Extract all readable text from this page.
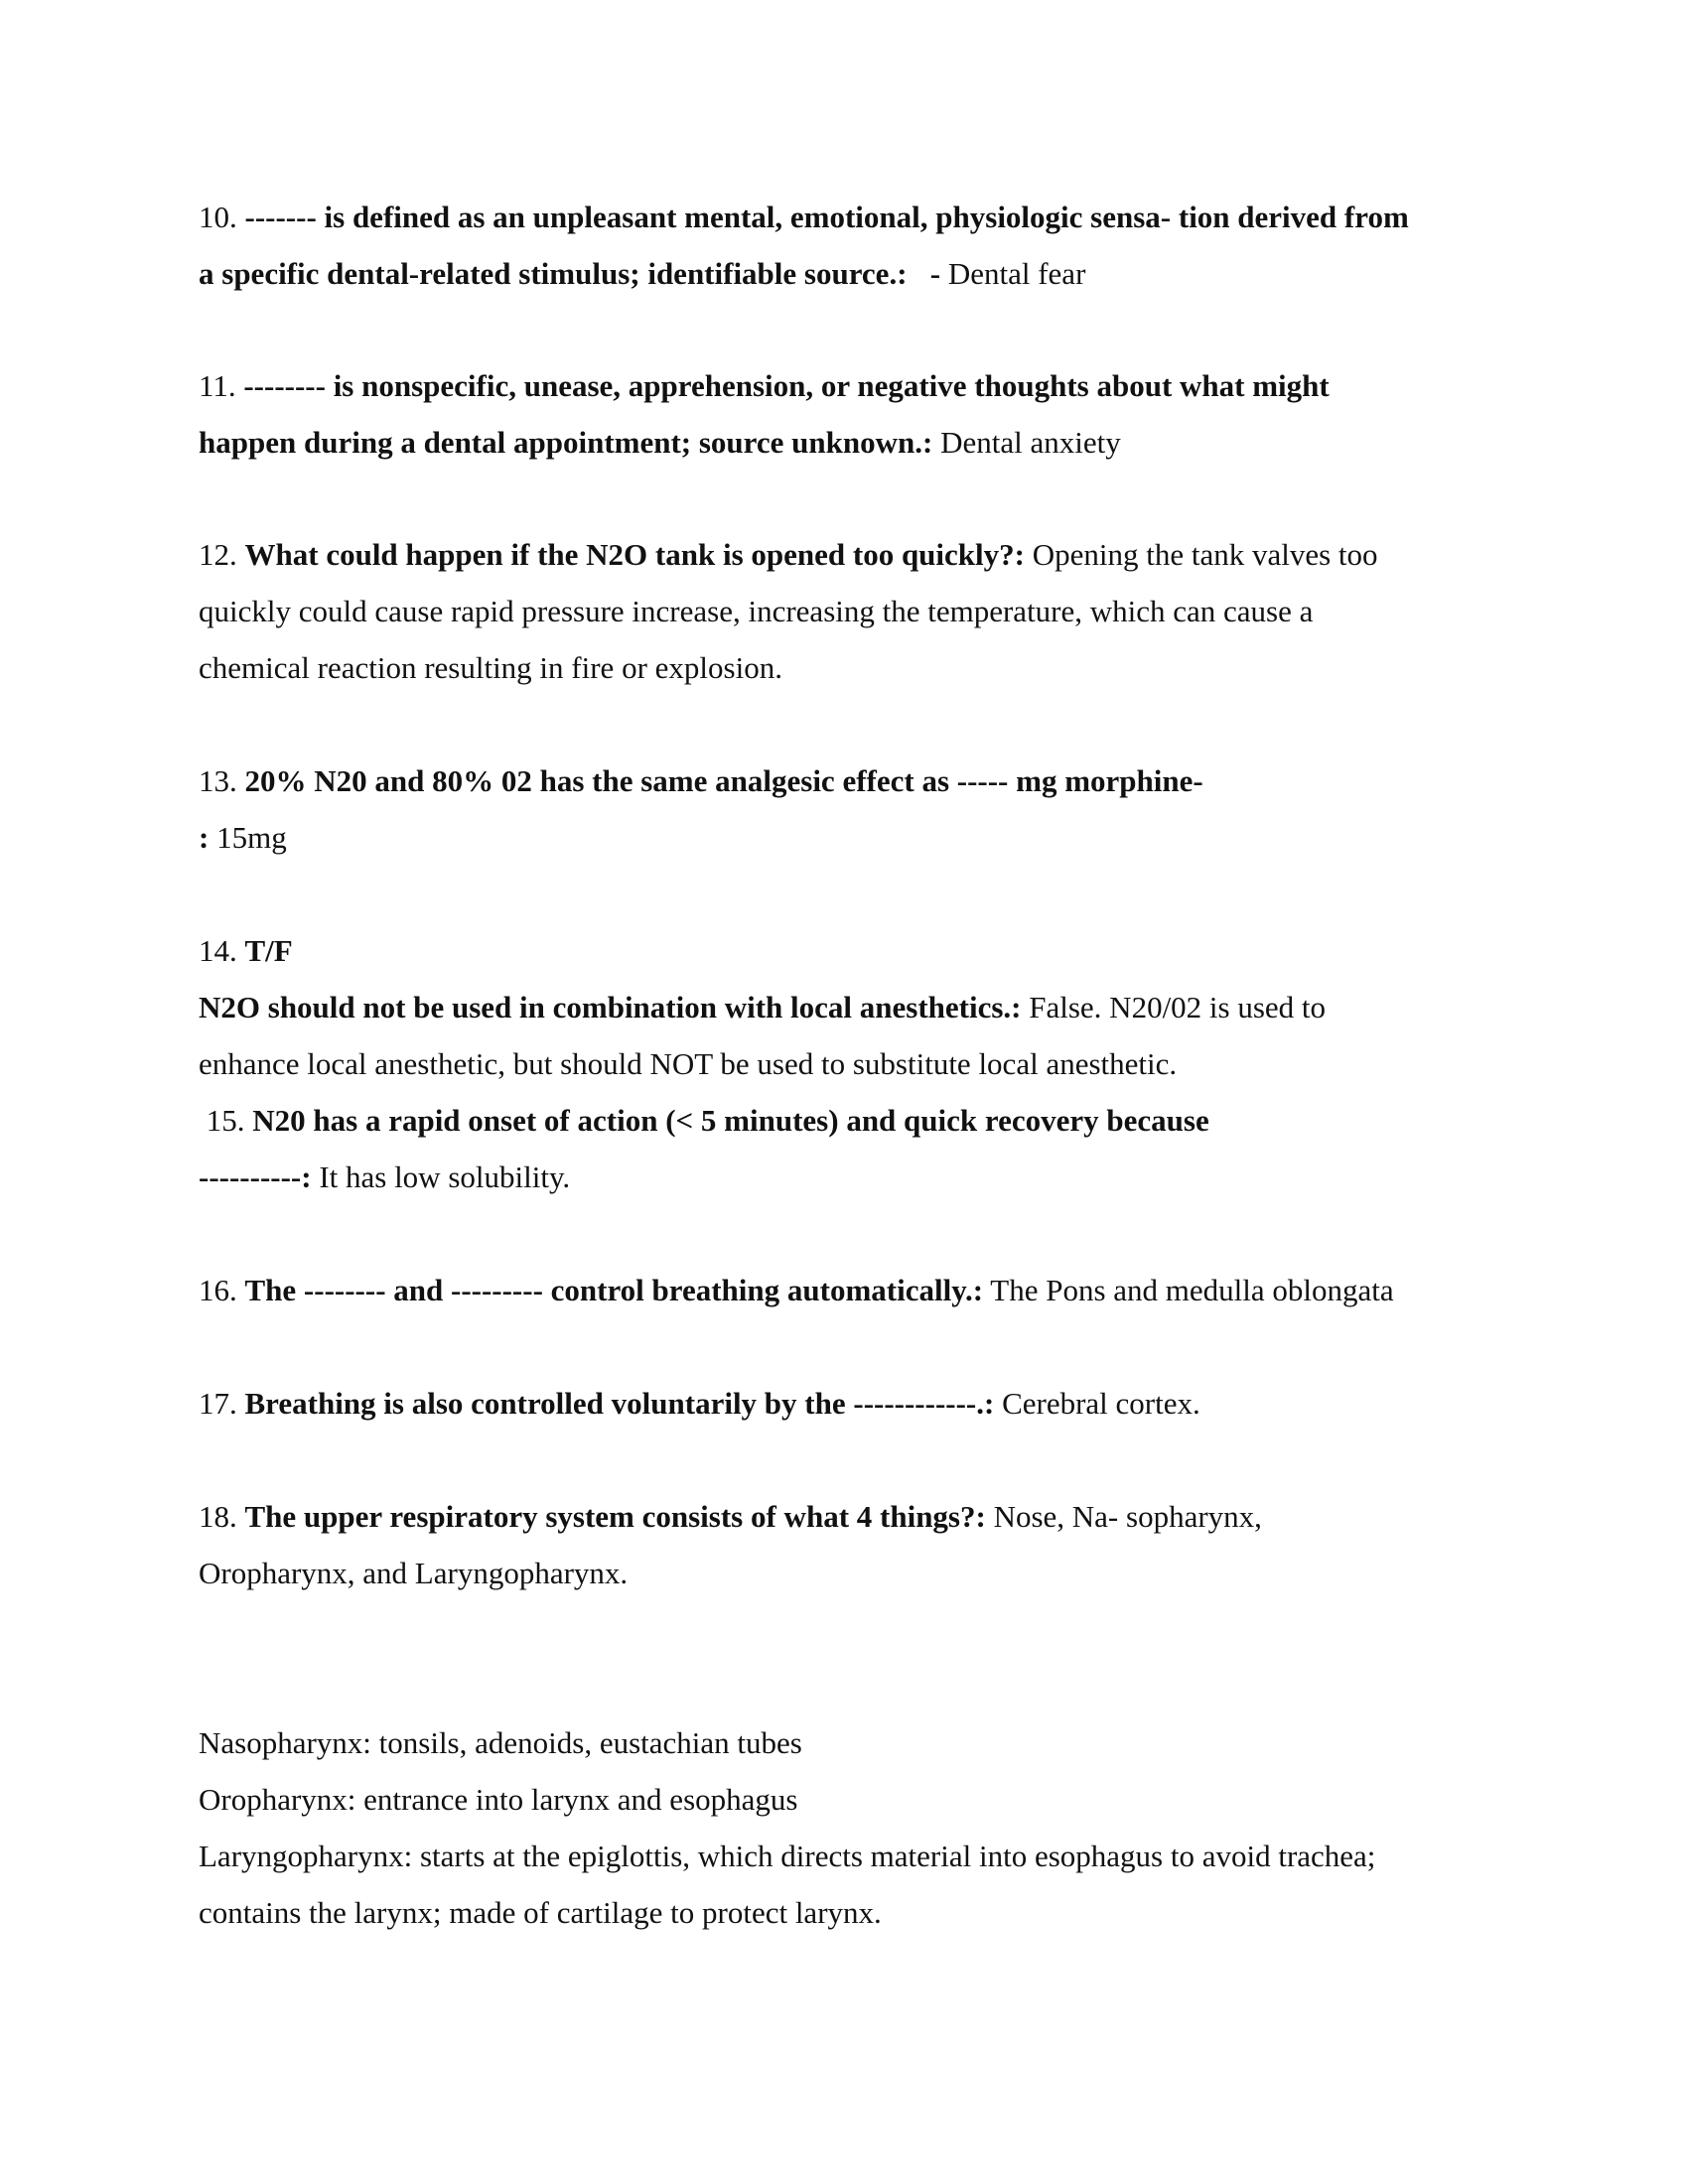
10. ------- is defined as an unpleasant mental, emotional, physiologic sensa- tion derived from
a specific dental-related stimulus; identifiable source.:   - Dental fear
11. -------- is nonspecific, unease, apprehension, or negative thoughts about what might
happen during a dental appointment; source unknown.: Dental anxiety
12. What could happen if the N2O tank is opened too quickly?: Opening the tank valves too
quickly could cause rapid pressure increase, increasing the temperature, which can cause a
chemical reaction resulting in fire or explosion.
13. 20% N20 and 80% 02 has the same analgesic effect as ----- mg morphine-
: 15mg
14. T/F
N2O should not be used in combination with local anesthetics.: False. N20/02 is used to
enhance local anesthetic, but should NOT be used to substitute local anesthetic.
15. N20 has a rapid onset of action (< 5 minutes) and quick recovery because
----------: It has low solubility.
16. The -------- and --------- control breathing automatically.: The Pons and medulla oblongata
17. Breathing is also controlled voluntarily by the ------------.: Cerebral cortex.
18. The upper respiratory system consists of what 4 things?: Nose, Na- sopharynx,
Oropharynx, and Laryngopharynx.
Nasopharynx: tonsils, adenoids, eustachian tubes
Oropharynx: entrance into larynx and esophagus
Laryngopharynx: starts at the epiglottis, which directs material into esophagus to avoid trachea;
contains the larynx; made of cartilage to protect larynx.
